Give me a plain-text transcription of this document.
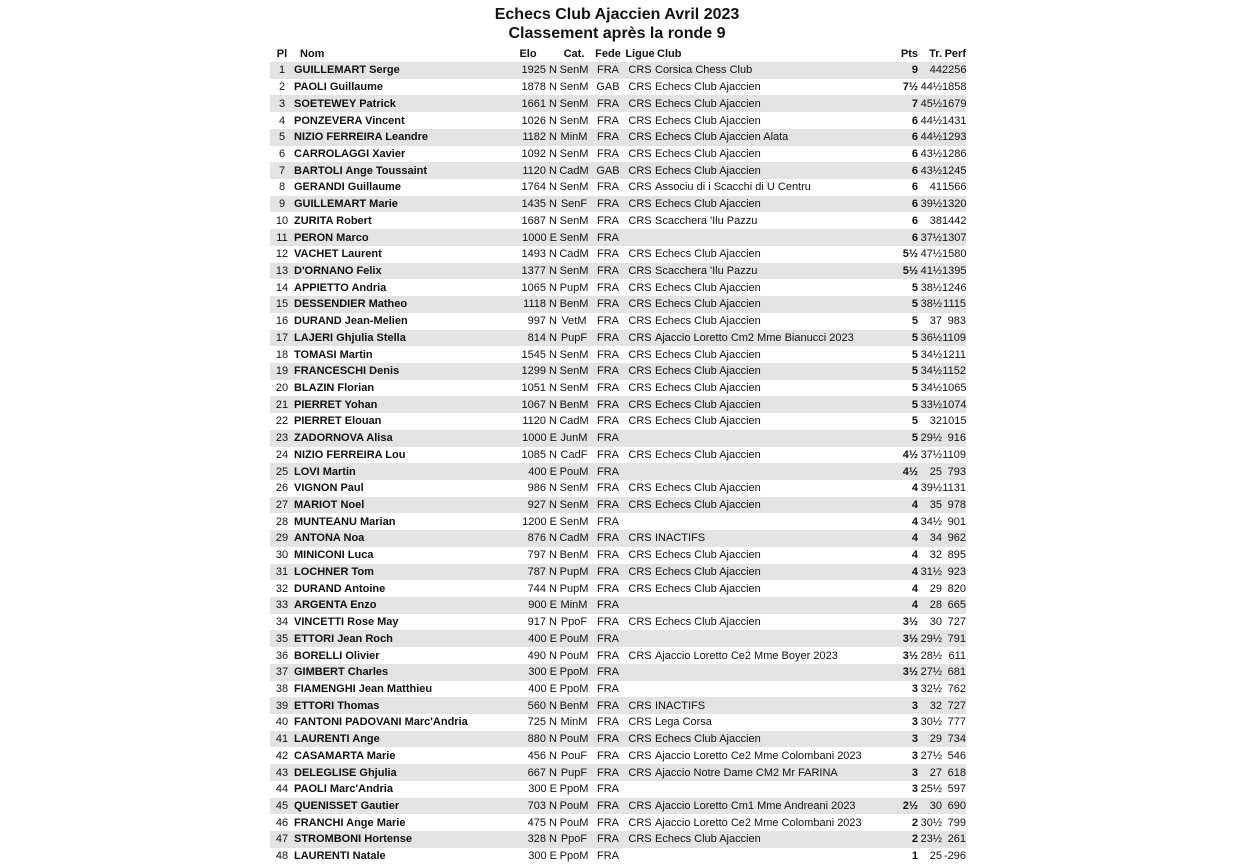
Echecs Club Ajaccien Avril 2023
Classement après la ronde 9
Pl	Nom	Elo	Cat.	Fede	Ligue	Club	Pts	Tr.	Perf
1	GUILLEMART Serge	1925 N	SenM	FRA	CRS	Corsica Chess Club	9	44	2256
2	PAOLI Guillaume	1878 N	SenM	GAB	CRS	Echecs Club Ajaccien	7½	44½	1858
3	SOETEWEY Patrick	1661 N	SenM	FRA	CRS	Echecs Club Ajaccien	7	45½	1679
4	PONZEVERA Vincent	1026 N	SenM	FRA	CRS	Echecs Club Ajaccien	6	44½	1431
5	NIZIO FERREIRA Leandre	1182 N	MinM	FRA	CRS	Echecs Club Ajaccien Alata	6	44½	1293
6	CARROLAGGI Xavier	1092 N	SenM	FRA	CRS	Echecs Club Ajaccien	6	43½	1286
7	BARTOLI Ange Toussaint	1120 N	CadM	GAB	CRS	Echecs Club Ajaccien	6	43½	1245
8	GERANDI Guillaume	1764 N	SenM	FRA	CRS	Associu di i Scacchi di U Centru	6	41	1566
9	GUILLEMART Marie	1435 N	SenF	FRA	CRS	Echecs Club Ajaccien	6	39½	1320
10	ZURITA Robert	1687 N	SenM	FRA	CRS	Scacchera 'Ilu Pazzu	6	38	1442
11	PERON Marco	1000 E	SenM	FRA			6	37½	1307
12	VACHET Laurent	1493 N	CadM	FRA	CRS	Echecs Club Ajaccien	5½	47½	1580
13	D'ORNANO Felix	1377 N	SenM	FRA	CRS	Scacchera 'Ilu Pazzu	5½	41½	1395
14	APPIETTO Andria	1065 N	PupM	FRA	CRS	Echecs Club Ajaccien	5	38½	1246
15	DESSENDIER Matheo	1118 N	BenM	FRA	CRS	Echecs Club Ajaccien	5	38½	1115
16	DURAND Jean-Melien	997 N	VetM	FRA	CRS	Echecs Club Ajaccien	5	37	983
17	LAJERI Ghjulia Stella	814 N	PupF	FRA	CRS	Ajaccio Loretto Cm2 Mme Bianucci 2023	5	36½	1109
18	TOMASI Martin	1545 N	SenM	FRA	CRS	Echecs Club Ajaccien	5	34½	1211
19	FRANCESCHI Denis	1299 N	SenM	FRA	CRS	Echecs Club Ajaccien	5	34½	1152
20	BLAZIN Florian	1051 N	SenM	FRA	CRS	Echecs Club Ajaccien	5	34½	1065
21	PIERRET Yohan	1067 N	BenM	FRA	CRS	Echecs Club Ajaccien	5	33½	1074
22	PIERRET Elouan	1120 N	CadM	FRA	CRS	Echecs Club Ajaccien	5	32	1015
23	ZADORNOVA Alisa	1000 E	JunM	FRA			5	29½	916
24	NIZIO FERREIRA Lou	1085 N	CadF	FRA	CRS	Echecs Club Ajaccien	4½	37½	1109
25	LOVI Martin	400 E	PouM	FRA			4½	25	793
26	VIGNON Paul	986 N	SenM	FRA	CRS	Echecs Club Ajaccien	4	39½	1131
27	MARIOT Noel	927 N	SenM	FRA	CRS	Echecs Club Ajaccien	4	35	978
28	MUNTEANU Marian	1200 E	SenM	FRA			4	34½	901
29	ANTONA Noa	876 N	CadM	FRA	CRS	INACTIFS	4	34	962
30	MINICONI Luca	797 N	BenM	FRA	CRS	Echecs Club Ajaccien	4	32	895
31	LOCHNER Tom	787 N	PupM	FRA	CRS	Echecs Club Ajaccien	4	31½	923
32	DURAND Antoine	744 N	PupM	FRA	CRS	Echecs Club Ajaccien	4	29	820
33	ARGENTA Enzo	900 E	MinM	FRA			4	28	665
34	VINCETTI Rose May	917 N	PpoF	FRA	CRS	Echecs Club Ajaccien	3½	30	727
35	ETTORI Jean Roch	400 E	PouM	FRA			3½	29½	791
36	BORELLI Olivier	490 N	PouM	FRA	CRS	Ajaccio Loretto Ce2 Mme Boyer 2023	3½	28½	611
37	GIMBERT Charles	300 E	PpoM	FRA			3½	27½	681
38	FIAMENGHI Jean Matthieu	400 E	PpoM	FRA			3	32½	762
39	ETTORI Thomas	560 N	BenM	FRA	CRS	INACTIFS	3	32	727
40	FANTONI PADOVANI Marc'Andria	725 N	MinM	FRA	CRS	Lega Corsa	3	30½	777
41	LAURENTI Ange	880 N	PouM	FRA	CRS	Echecs Club Ajaccien	3	29	734
42	CASAMARTA Marie	456 N	PouF	FRA	CRS	Ajaccio Loretto Ce2 Mme Colombani 2023	3	27½	546
43	DELEGLISE Ghjulia	667 N	PupF	FRA	CRS	Ajaccio Notre Dame CM2 Mr FARINA	3	27	618
44	PAOLI Marc'Andria	300 E	PpoM	FRA			3	25½	597
45	QUENISSET Gautier	703 N	PouM	FRA	CRS	Ajaccio Loretto Cm1 Mme Andreani 2023	2½	30	690
46	FRANCHI Ange Marie	475 N	PouM	FRA	CRS	Ajaccio Loretto Ce2 Mme Colombani 2023	2	30½	799
47	STROMBONI Hortense	328 N	PpoF	FRA	CRS	Echecs Club Ajaccien	2	23½	261
48	LAURENTI Natale	300 E	PpoM	FRA			1	25	-296
